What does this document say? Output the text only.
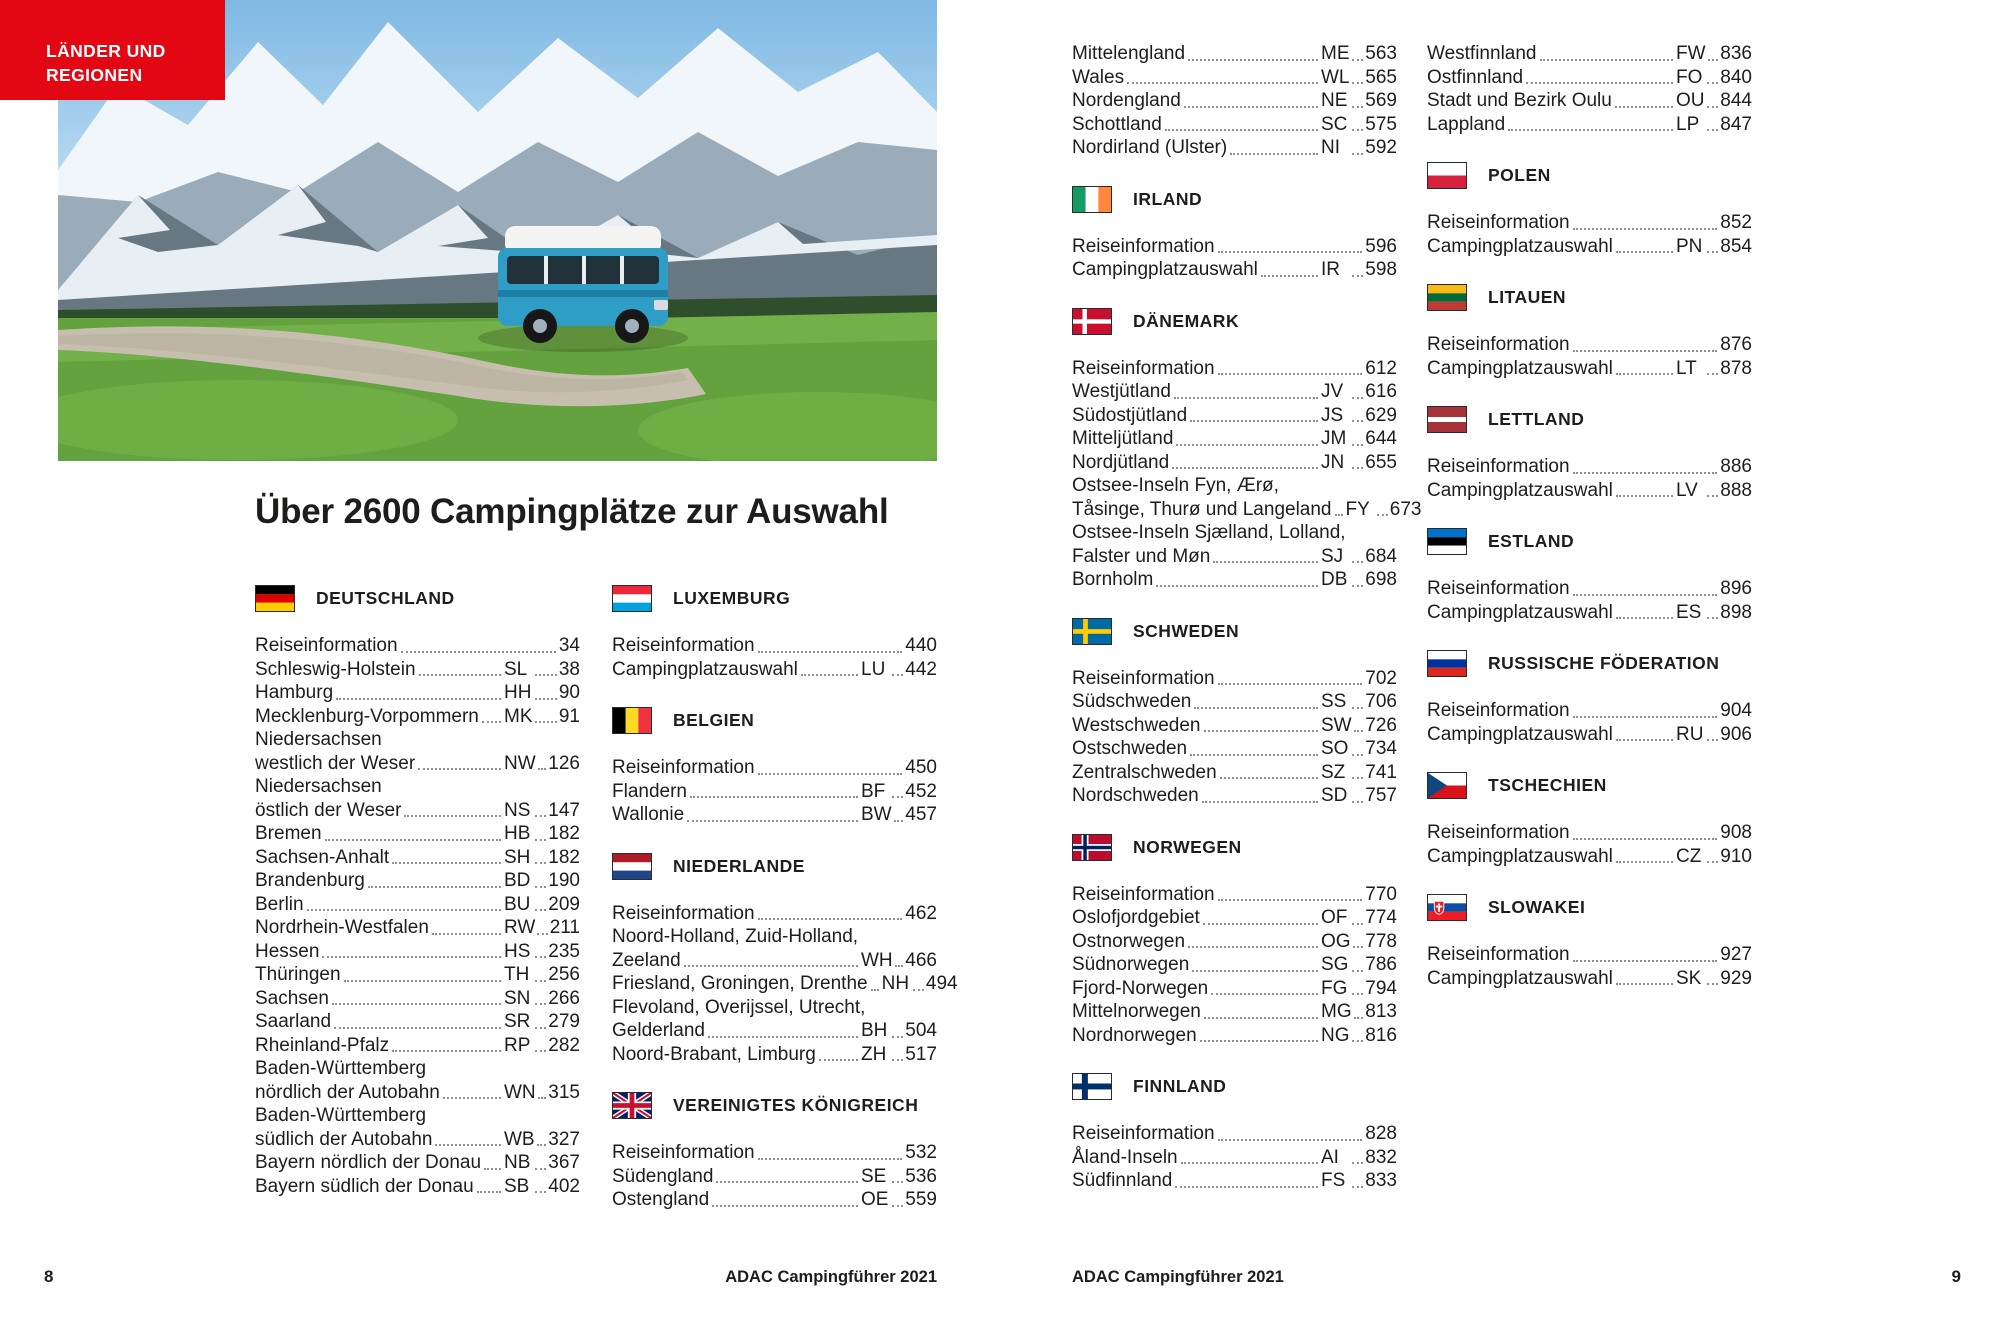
LÄNDER UND
REGIONEN
Über 2600 Campingplätze zur Auswahl
DEUTSCHLAND
Reiseinformation	34
Schleswig-Holstein	SL	38
Hamburg	HH 90
Mecklenburg-Vorpommern MK 91
Niedersachsen
westlich der Weser	NW 126
Niedersachsen
östlich der Weser	NS 147
Bremen	HB 182
Sachsen-Anhalt	SH 182
Brandenburg	BD 190
Berlin	BU 209
Nordrhein-Westfalen	RW 211
Hessen	HS 235
Thüringen	TH 256
Sachsen	SN 266
Saarland	SR 279
Rheinland-Pfalz	RP 282
Baden-Württemberg
nördlich der Autobahn	WN 315
Baden-Württemberg
südlich der Autobahn	WB 327
Bayern nördlich der Donau NB 367
Bayern südlich der Donau SB 402
LUXEMBURG
Reiseinformation	440
Campingplatzauswahl	LU 442
BELGIEN
Reiseinformation	450
Flandern	BF 452
Wallonie	BW 457
NIEDERLANDE
Reiseinformation	462
Noord-Holland, Zuid-Holland,
Zeeland	WH 466
Friesland, Groningen, Drenthe NH 494
Flevoland, Overijssel, Utrecht,
Gelderland	BH 504
Noord-Brabant, Limburg ZH 517
VEREINIGTES KÖNIGREICH
Reiseinformation	532
Südengland	SE 536
Ostengland	OE 559
Mittelengland	ME 563
Wales	WL 565
Nordengland	NE 569
Schottland	SC 575
Nordirland (Ulster)	NI	592
IRLAND
Reiseinformation	596
Campingplatzauswahl	IR	598
DÄNEMARK
Reiseinformation	612
Westjütland	JV	616
Südostjütland	JS	629
Mitteljütland	JM 644
Nordjütland	JN	655
Ostsee-Inseln Fyn, Ærø,
Tåsinge, Thurø und Langeland FY 673
Ostsee-Inseln Sjælland, Lolland,
Falster und Møn	SJ	684
Bornholm	DB 698
SCHWEDEN
Reiseinformation	702
Südschweden	SS 706
Westschweden	SW 726
Ostschweden	SO 734
Zentralschweden	SZ 741
Nordschweden	SD 757
NORWEGEN
Reiseinformation	770
Oslofjordgebiet	OF 774
Ostnorwegen	OG 778
Südnorwegen	SG 786
Fjord-Norwegen	FG 794
Mittelnorwegen	MG 813
Nordnorwegen	NG 816
FINNLAND
Reiseinformation	828
Åland-Inseln	AI	832
Südfinnland	FS 833
Westfinnland	FW 836
Ostfinnland	FO 840
Stadt und Bezirk Oulu	OU 844
Lappland	LP	847
POLEN
Reiseinformation	852
Campingplatzauswahl	PN 854
LITAUEN
Reiseinformation	876
Campingplatzauswahl	LT	878
LETTLAND
Reiseinformation	886
Campingplatzauswahl	LV	888
ESTLAND
Reiseinformation	896
Campingplatzauswahl	ES 898
RUSSISCHE FÖDERATION
Reiseinformation	904
Campingplatzauswahl	RU 906
TSCHECHIEN
Reiseinformation	908
Campingplatzauswahl	CZ 910
SLOWAKEI
Reiseinformation	927
Campingplatzauswahl	SK 929
8	ADAC Campingführer 2021	ADAC Campingführer 2021	9
